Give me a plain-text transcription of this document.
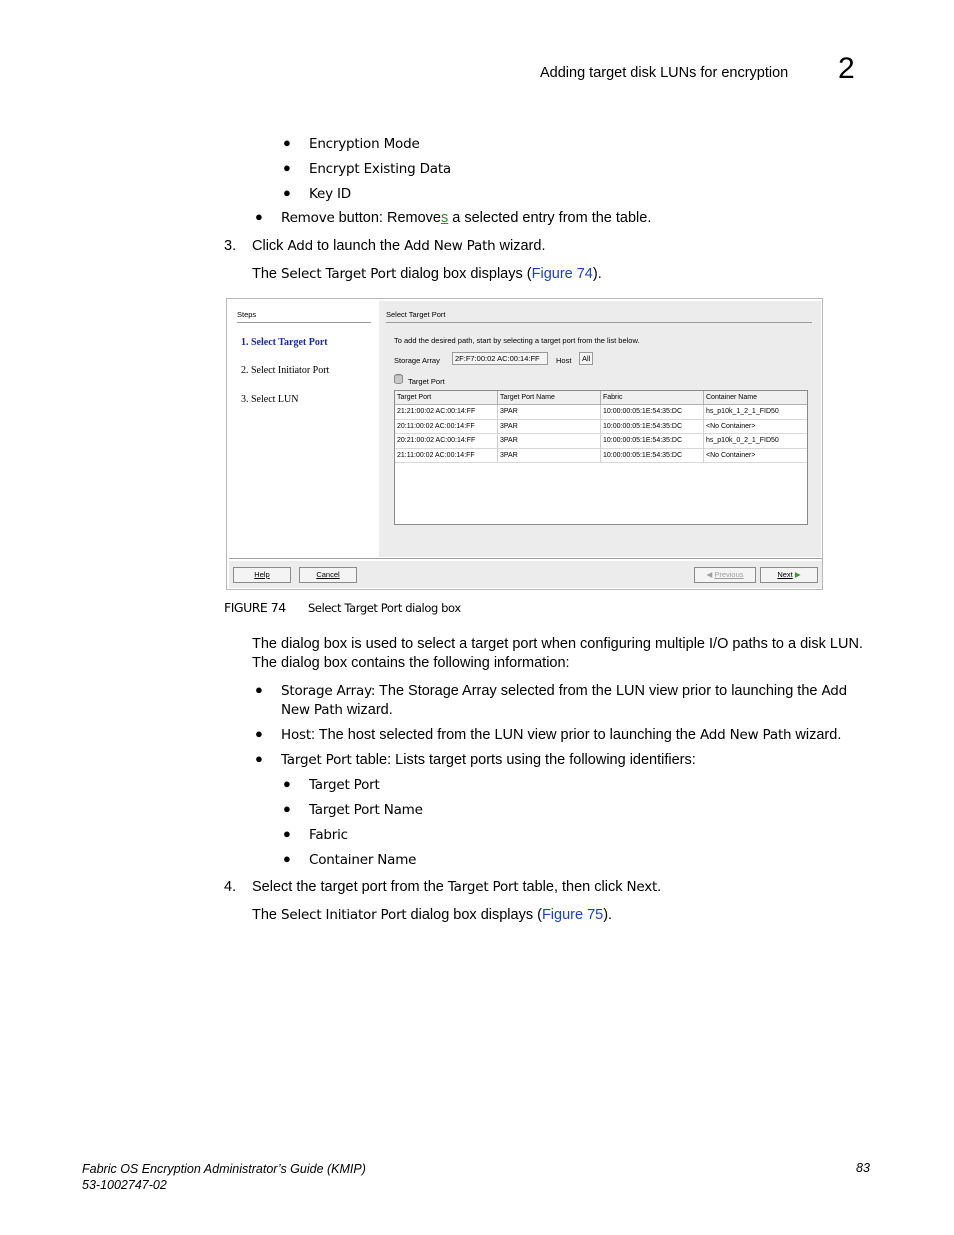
Adding target disk LUNs for encryption 2
● Encryption Mode
● Encrypt Existing Data
● Key ID
● Remove button: Removes a selected entry from the table.
3. Click Add to launch the Add New Path wizard.
The Select Target Port dialog box displays (Figure 74).
Steps
1. Select Target Port
2. Select Initiator Port
3. Select LUN
Select Target Port
To add the desired path, start by selecting a target port from the list below.
Storage Array	2F:F7:00:02 AC:00:14:FF	Host	All
Target Port
Target Port	Target Port Name	Fabric	Container Name
21:21:00:02 AC:00:14:FF	3PAR	10:00:00:05:1E:54:35:DC	hs_p10k_1_2_1_FID50
20:11:00:02 AC:00:14:FF	3PAR	10:00:00:05:1E:54:35:DC	<No Container>
20:21:00:02 AC:00:14:FF	3PAR	10:00:00:05:1E:54:35:DC	hs_p10k_0_2_1_FID50
21:11:00:02 AC:00:14:FF	3PAR	10:00:00:05:1E:54:35:DC	<No Container>
Help	Cancel	◀ Previous	Next ▶
FIGURE 74 Select Target Port dialog box
The dialog box is used to select a target port when configuring multiple I/O paths to a disk LUN.
The dialog box contains the following information:
● Storage Array: The Storage Array selected from the LUN view prior to launching the Add
New Path wizard.
● Host: The host selected from the LUN view prior to launching the Add New Path wizard.
● Target Port table: Lists target ports using the following identifiers:
● Target Port
● Target Port Name
● Fabric
● Container Name
4. Select the target port from the Target Port table, then click Next.
The Select Initiator Port dialog box displays (Figure 75).
Fabric OS Encryption Administrator’s Guide (KMIP)
53-1002747-02
83
